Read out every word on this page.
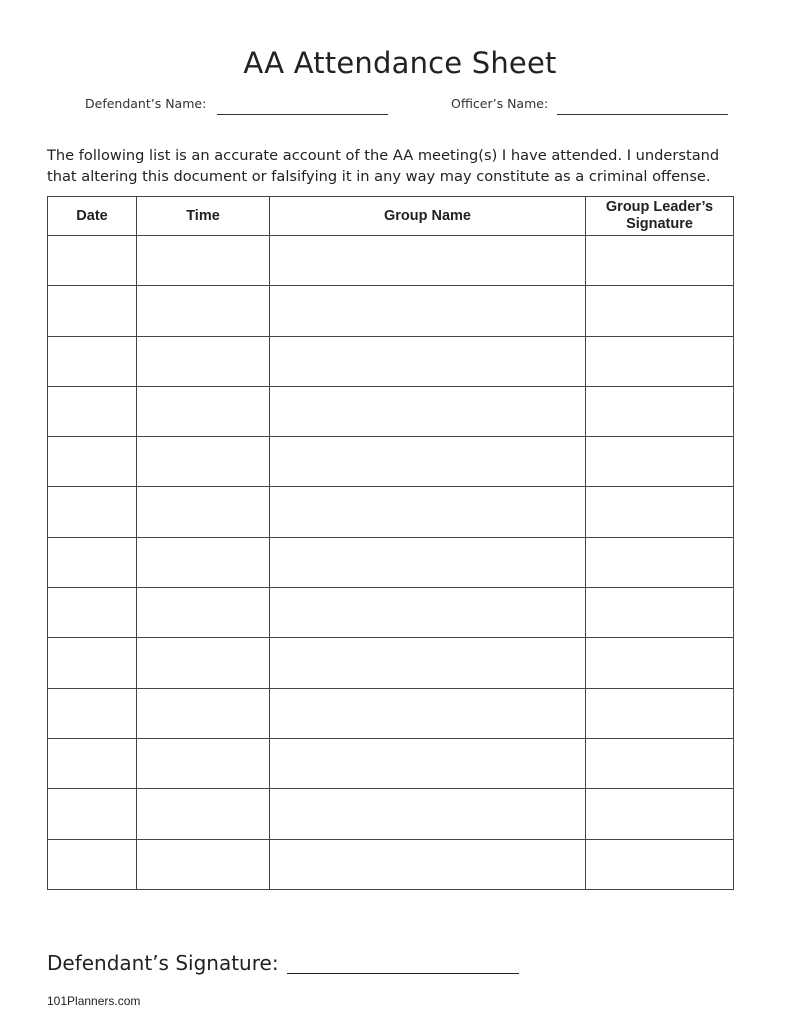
AA Attendance Sheet
Defendant’s Name:	Officer’s Name:
The following list is an accurate account of the AA meeting(s) I have attended. I understand
that altering this document or falsifying it in any way may constitute as a criminal offense.
Date	Time	Group Name	Group Leader’s
Signature

Defendant’s Signature:
101Planners.com
